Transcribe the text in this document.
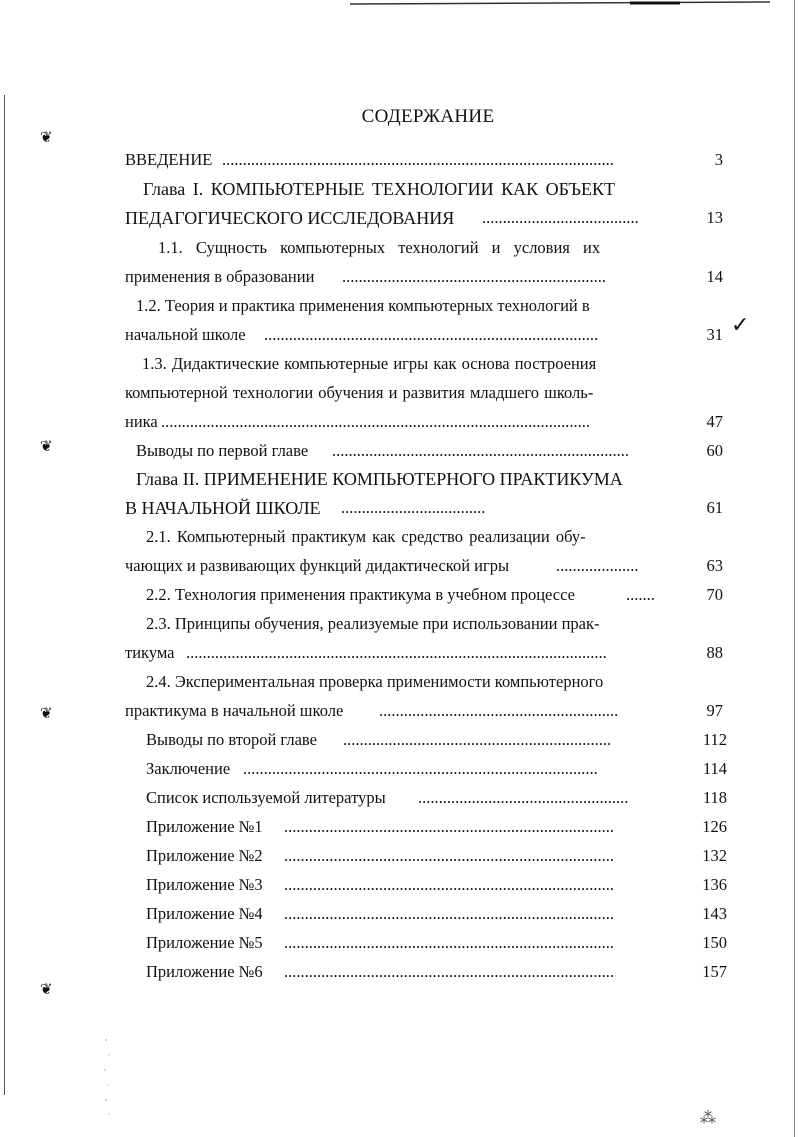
❦
❦
❦
❦
СОДЕРЖАНИЕ
ВВЕДЕНИЕ ...............................................................................................	3
Глава I. КОМПЬЮТЕРНЫЕ ТЕХНОЛОГИИ КАК ОБЪЕКТ
ПЕДАГОГИЧЕСКОГО ИССЛЕДОВАНИЯ ......................................	13
1.1. Сущность компьютерных технологий и условия их
применения в образовании ................................................................	14
1.2. Теория и практика применения компьютерных технологий в
начальной школе .................................................................................	31
1.3. Дидактические компьютерные игры как основа построения
компьютерной технологии обучения и развития младшего школь-
ника ........................................................................................................	47
Выводы по первой главе ........................................................................	60
Глава II. ПРИМЕНЕНИЕ КОМПЬЮТЕРНОГО ПРАКТИКУМА
В НАЧАЛЬНОЙ ШКОЛЕ ...................................	61
2.1. Компьютерный практикум как средство реализации обу-
чающих и развивающих функций дидактической игры	....................	63
2.2. Технология применения практикума в учебном процессе	.......	70
2.3. Принципы обучения, реализуемые при использовании прак-
тикума ......................................................................................................	88
2.4. Экспериментальная проверка применимости компьютерного
практикума в начальной школе ..........................................................	97
Выводы по второй главе .................................................................	112
Заключение ......................................................................................	114
Список используемой литературы ...................................................	118
Приложение №1 ................................................................................	126
Приложение №2 ................................................................................	132
Приложение №3 ................................................................................	136
Приложение №4 ................................................................................	143
Приложение №5 ................................................................................	150
Приложение №6 ................................................................................	157
✓
⁂
